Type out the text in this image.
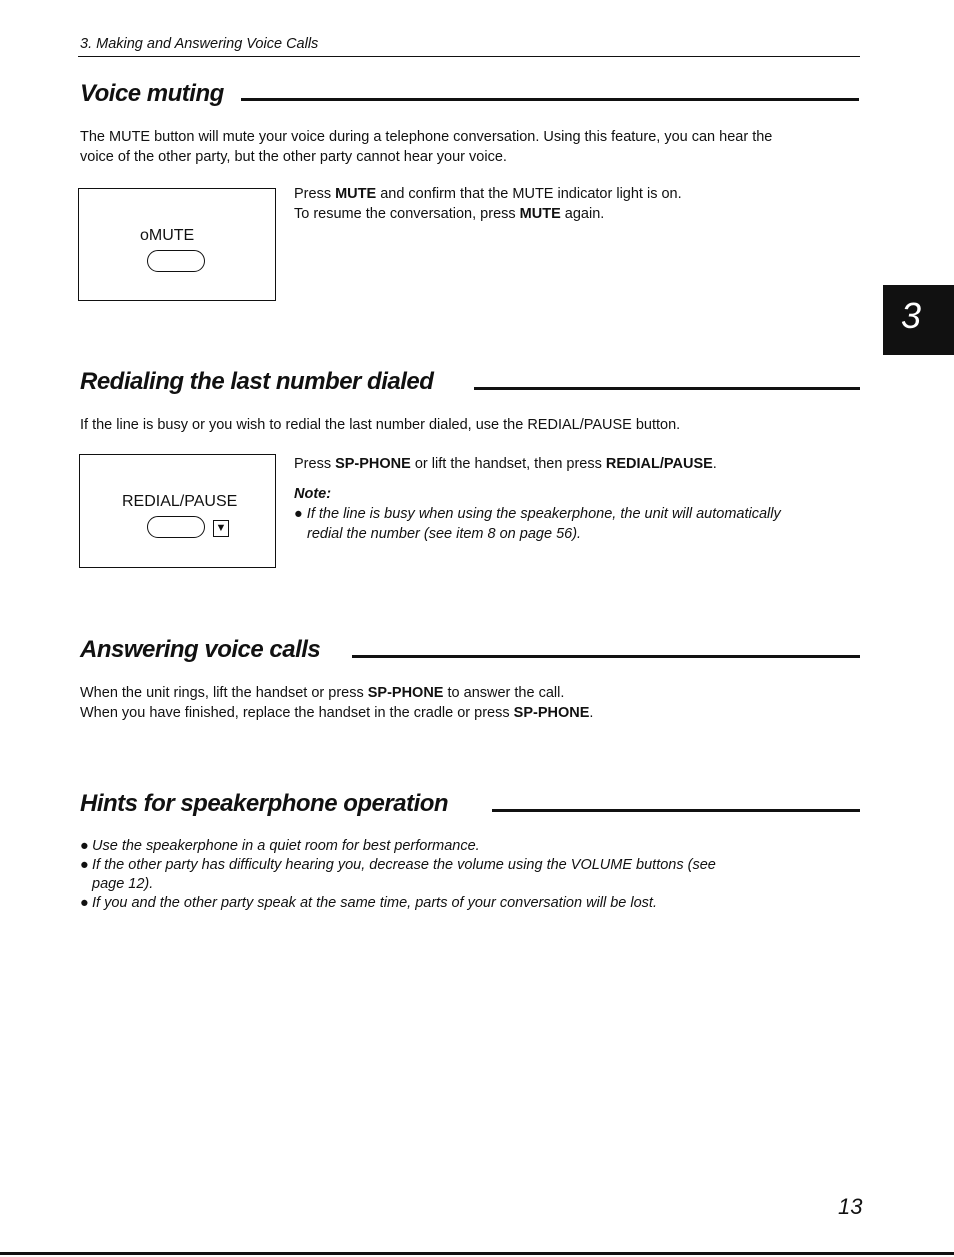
3. Making and Answering Voice Calls
3
Voice muting

The MUTE button will mute your voice during a telephone conversation. Using this feature, you can hear the

voice of the other party, but the other party cannot hear your voice.

oMUTE

Press MUTE and confirm that the MUTE indicator light is on.

To resume the conversation, press MUTE again.

Redialing the last number dialed

If the line is busy or you wish to redial the last number dialed, use the REDIAL/PAUSE button.

REDIAL/PAUSE
▼

Press SP-PHONE or lift the handset, then press REDIAL/PAUSE.

Note:

● If the line is busy when using the speakerphone, the unit will automatically

redial the number (see item 8 on page 56).

Answering voice calls

When the unit rings, lift the handset or press SP-PHONE to answer the call.

When you have finished, replace the handset in the cradle or press SP-PHONE.

Hints for speakerphone operation

● Use the speakerphone in a quiet room for best performance.

● If the other party has difficulty hearing you, decrease the volume using the VOLUME buttons (see

page 12).

● If you and the other party speak at the same time, parts of your conversation will be lost.

13
